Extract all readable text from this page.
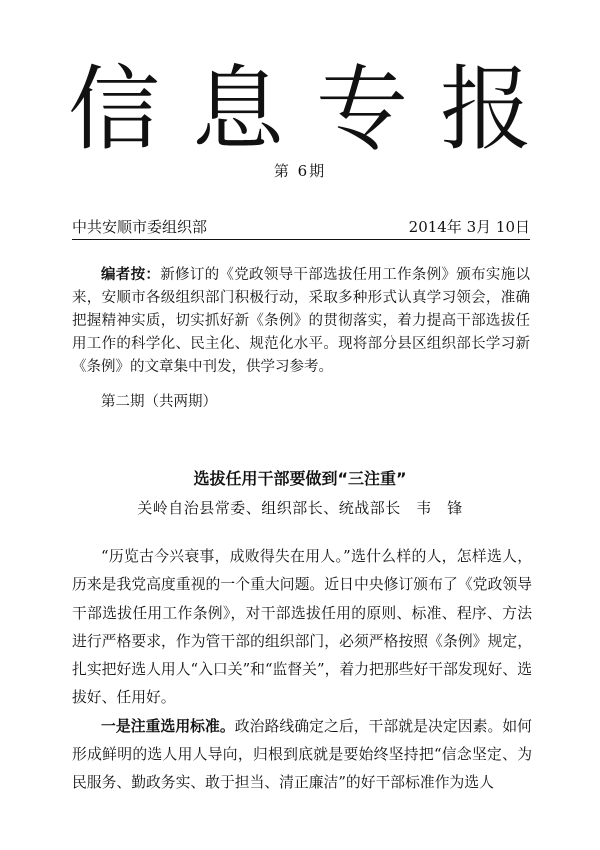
信息专报
第 6期
中共安顺市委组织部	2014年 3月 10日
编者按：新修订的《党政领导干部选拔任用工作条例》颁布实施以来，安顺市各级组织部门积极行动，采取多种形式认真学习领会，准确把握精神实质，切实抓好新《条例》的贯彻落实，着力提高干部选拔任用工作的科学化、民主化、规范化水平。现将部分县区组织部长学习新《条例》的文章集中刊发，供学习参考。
第二期（共两期）
选拔任用干部要做到“三注重”
关岭自治县常委、组织部长、统战部长　韦　锋

“历览古今兴衰事，成败得失在用人。”选什么样的人，怎样选人，历来是我党高度重视的一个重大问题。近日中央修订颁布了《党政领导干部选拔任用工作条例》，对干部选拔任用的原则、标准、程序、方法进行严格要求，作为管干部的组织部门，必须严格按照《条例》规定，扎实把好选人用人“入口关”和“监督关”，着力把那些好干部发现好、选拔好、任用好。

一是注重选用标准。政治路线确定之后，干部就是决定因素。如何形成鲜明的选人用人导向，归根到底就是要始终坚持把“信念坚定、为民服务、勤政务实、敢于担当、清正廉洁”的好干部标准作为选人
